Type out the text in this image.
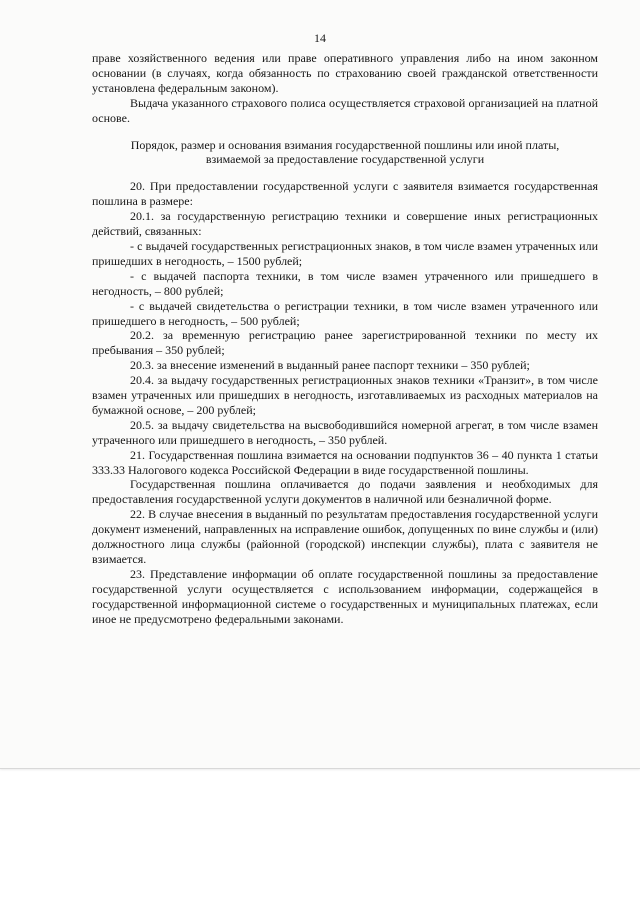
14

праве хозяйственного ведения или праве оперативного управления либо на ином законном основании (в случаях, когда обязанность по страхованию своей гражданской ответственности установлена федеральным законом).

Выдача указанного страхового полиса осуществляется страховой организацией на платной основе.

Порядок, размер и основания взимания государственной пошлины или иной платы, взимаемой за предоставление государственной услуги

20. При предоставлении государственной услуги с заявителя взимается государственная пошлина в размере:

20.1. за государственную регистрацию техники и совершение иных регистрационных действий, связанных:

- с выдачей государственных регистрационных знаков, в том числе взамен утраченных или пришедших в негодность, – 1500 рублей;

- с выдачей паспорта техники, в том числе взамен утраченного или пришедшего в негодность, – 800 рублей;

- с выдачей свидетельства о регистрации техники, в том числе взамен утраченного или пришедшего в негодность, – 500 рублей;

20.2. за временную регистрацию ранее зарегистрированной техники по месту их пребывания – 350 рублей;

20.3. за внесение изменений в выданный ранее паспорт техники – 350 рублей;

20.4. за выдачу государственных регистрационных знаков техники «Транзит», в том числе взамен утраченных или пришедших в негодность, изготавливаемых из расходных материалов на бумажной основе, – 200 рублей;

20.5. за выдачу свидетельства на высвободившийся номерной агрегат, в том числе взамен утраченного или пришедшего в негодность, – 350 рублей.

21. Государственная пошлина взимается на основании подпунктов 36 – 40 пункта 1 статьи 333.33 Налогового кодекса Российской Федерации в виде государственной пошлины.

Государственная пошлина оплачивается до подачи заявления и необходимых для предоставления государственной услуги документов в наличной или безналичной форме.

22. В случае внесения в выданный по результатам предоставления государственной услуги документ изменений, направленных на исправление ошибок, допущенных по вине службы и (или) должностного лица службы (районной (городской) инспекции службы), плата с заявителя не взимается.

23. Представление информации об оплате государственной пошлины за предоставление государственной услуги осуществляется с использованием информации, содержащейся в государственной информационной системе о государственных и муниципальных платежах, если иное не предусмотрено федеральными законами.
